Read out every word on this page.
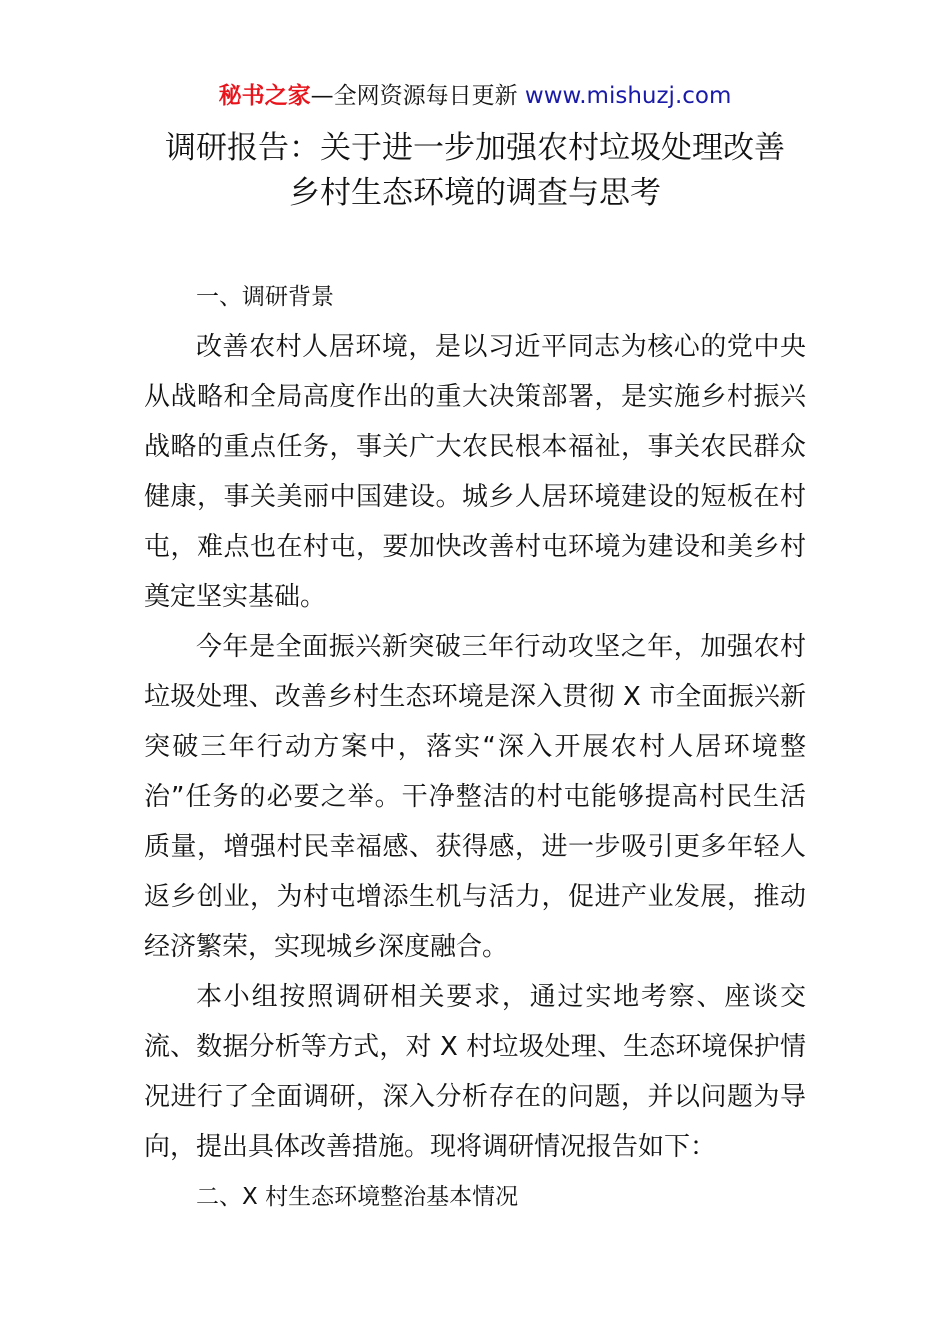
秘书之家—全网资源每日更新 www.mishuzj.com
调研报告：关于进一步加强农村垃圾处理改善
乡村生态环境的调查与思考

一、调研背景

改善农村人居环境，是以习近平同志为核心的党中央从战略和全局高度作出的重大决策部署，是实施乡村振兴战略的重点任务，事关广大农民根本福祉，事关农民群众健康，事关美丽中国建设。城乡人居环境建设的短板在村屯，难点也在村屯，要加快改善村屯环境为建设和美乡村奠定坚实基础。

今年是全面振兴新突破三年行动攻坚之年，加强农村垃圾处理、改善乡村生态环境是深入贯彻 X 市全面振兴新突破三年行动方案中，落实“深入开展农村人居环境整治”任务的必要之举。干净整洁的村屯能够提高村民生活质量，增强村民幸福感、获得感，进一步吸引更多年轻人返乡创业，为村屯增添生机与活力，促进产业发展，推动经济繁荣，实现城乡深度融合。

本小组按照调研相关要求，通过实地考察、座谈交流、数据分析等方式，对 X 村垃圾处理、生态环境保护情况进行了全面调研，深入分析存在的问题，并以问题为导向，提出具体改善措施。现将调研情况报告如下：

二、X 村生态环境整治基本情况
